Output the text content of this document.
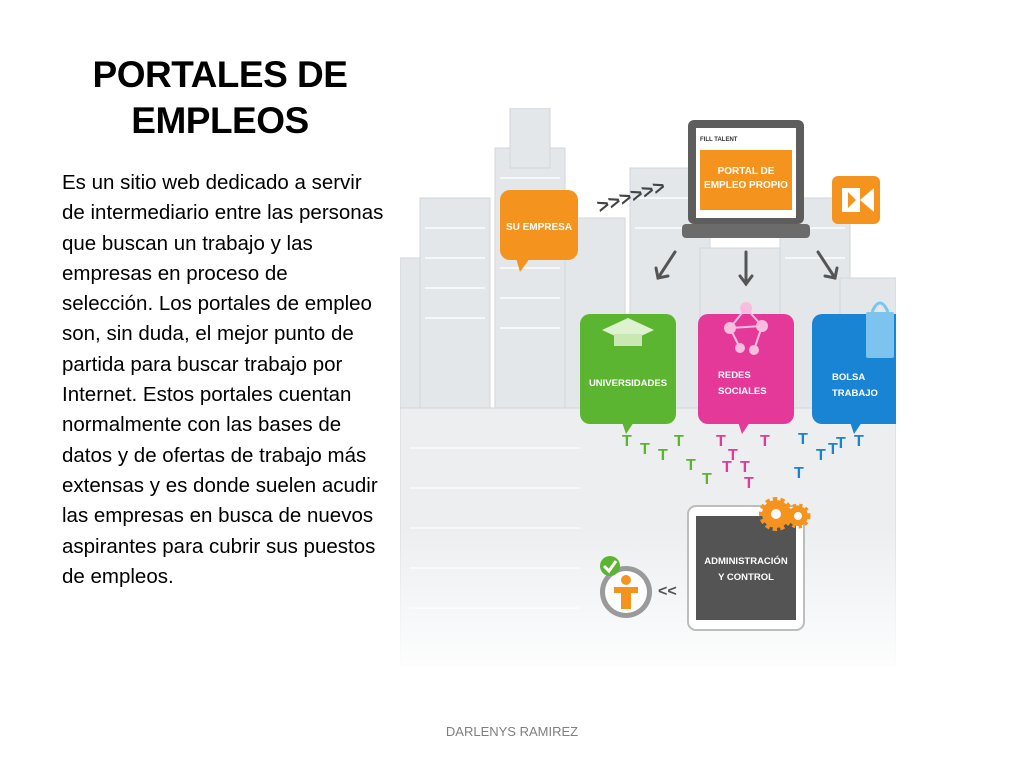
PORTALES DE
EMPLEOS
Es un sitio web dedicado a servir de intermediario entre las personas que buscan un trabajo y las empresas en proceso de selección. Los portales de empleo son, sin duda, el mejor punto de partida para buscar trabajo por Internet. Estos portales cuentan normalmente con las bases de datos y de ofertas de trabajo más extensas y es donde suelen acudir las empresas en busca de nuevos aspirantes para cubrir sus puestos de empleos.
>>>>>>
SU EMPRESA
FILL TALENT
PORTAL DE
EMPLEO PROPIO
UNIVERSIDADES
REDES
SOCIALES
BOLSA
TRABAJO
T
T
T
T
T
T	T
T
T
T
T
T
T
T T T
T
T
ADMINISTRACIÓN
Y CONTROL
<<
DARLENYS RAMIREZ
